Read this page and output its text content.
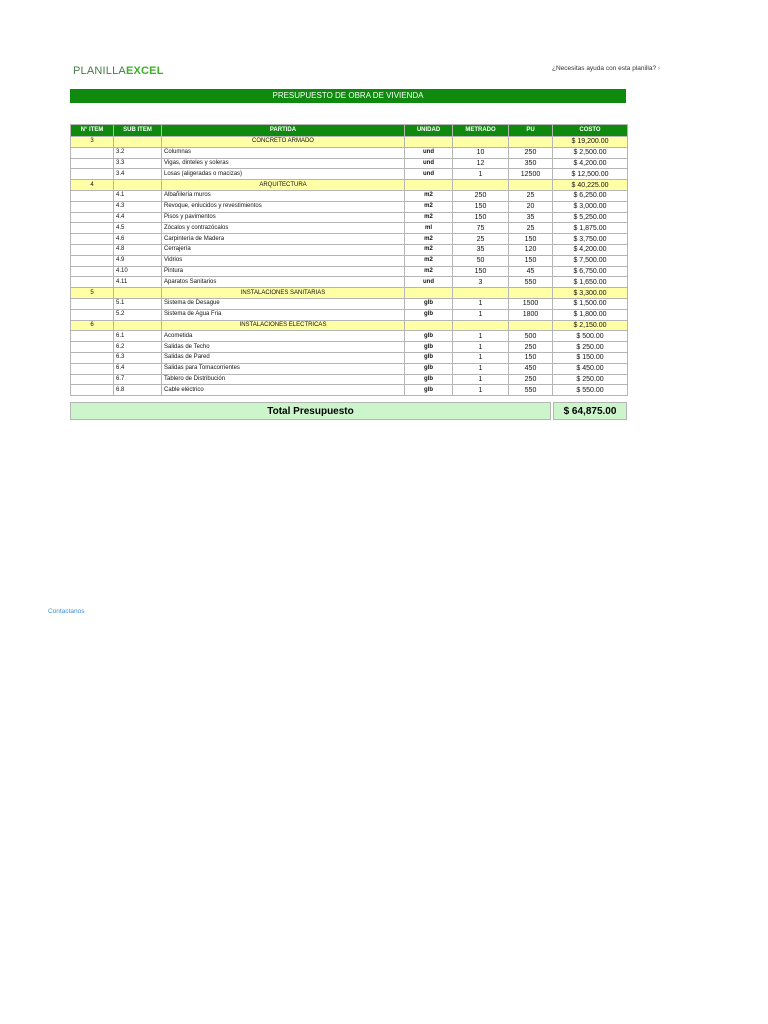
PLANILLAEXCEL	¿Necesitas ayuda con esta planilla? ›
PRESUPUESTO DE OBRA DE VIVIENDA
N° ITEM	SUB ITEM	PARTIDA	UNIDAD	METRADO	PU	COSTO
3		CONCRETO ARMADO				$ 19,200.00
	3.2	Columnas	und	10	250	$ 2,500.00
	3.3	Vigas, dinteles y soleras	und	12	350	$ 4,200.00
	3.4	Losas (aligeradas o macizas)	und	1	12500	$ 12,500.00
4		ARQUITECTURA				$ 40,225.00
	4.1	Albañilería muros	m2	250	25	$ 6,250.00
	4.3	Revoque, enlucidos y revestimientos	m2	150	20	$ 3,000.00
	4.4	Pisos y pavimentos	m2	150	35	$ 5,250.00
	4.5	Zócalos y contrazócalos	ml	75	25	$ 1,875.00
	4.6	Carpintería de Madera	m2	25	150	$ 3,750.00
	4.8	Cerrajería	m2	35	120	$ 4,200.00
	4.9	Vidrios	m2	50	150	$ 7,500.00
	4.10	Pintura	m2	150	45	$ 6,750.00
	4.11	Aparatos Sanitarios	und	3	550	$ 1,650.00
5		INSTALACIONES SANITARIAS				$ 3,300.00
	5.1	Sistema de Desague	glb	1	1500	$ 1,500.00
	5.2	Sistema de Agua Fria	glb	1	1800	$ 1,800.00
6		INSTALACIONES ELECTRICAS				$ 2,150.00
	6.1	Acometida	glb	1	500	$ 500.00
	6.2	Salidas de Techo	glb	1	250	$ 250.00
	6.3	Salidas de Pared	glb	1	150	$ 150.00
	6.4	Salidas para Tomacorrientes	glb	1	450	$ 450.00
	6.7	Tablero de Distribución	glb	1	250	$ 250.00
	6.8	Cable eléctrico	glb	1	550	$ 550.00
Total Presupuesto	$ 64,875.00
Contactanos
